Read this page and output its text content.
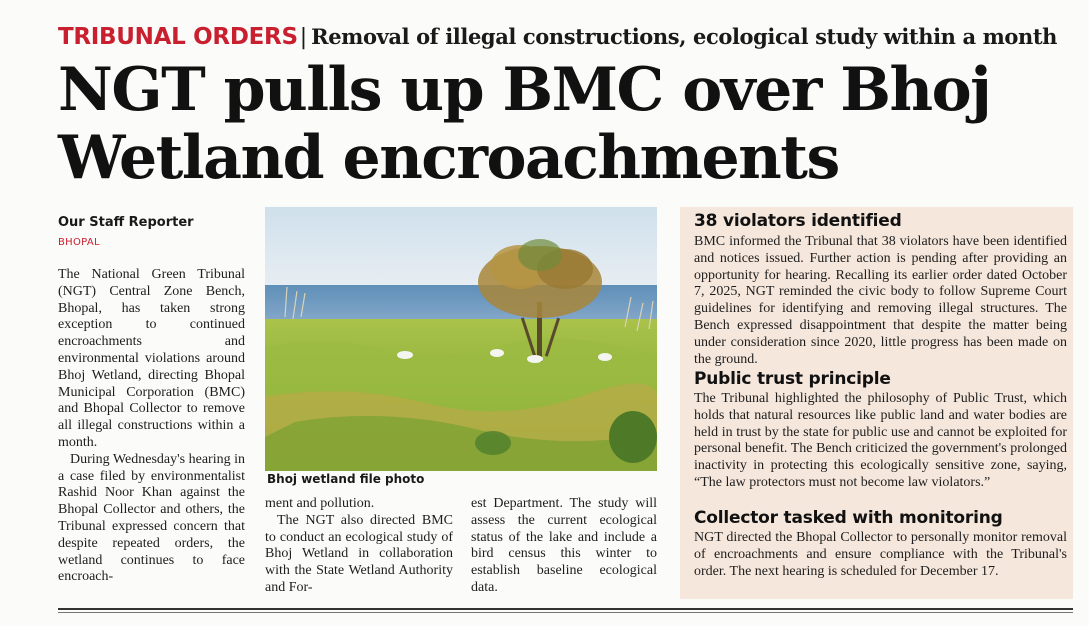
TRIBUNAL ORDERS| Removal of illegal constructions, ecological study within a month
NGT pulls up BMC over Bhoj Wetland encroachments
Our Staff Reporter
BHOPAL

The National Green Tribunal (NGT) Central Zone Bench, Bhopal, has taken strong exception to continued encroachments and environmental violations around Bhoj Wetland, directing Bhopal Municipal Corporation (BMC) and Bhopal Collector to remove all illegal constructions within a month.

During Wednesday's hearing in a case filed by environmentalist Rashid Noor Khan against the Bhopal Collector and others, the Tribunal expressed concern that despite repeated orders, the wetland continues to face encroach-

Bhoj wetland file photo

ment and pollution.

The NGT also directed BMC to conduct an ecological study of Bhoj Wetland in collaboration with the State Wetland Authority and For-

est Department. The study will assess the current ecological status of the lake and include a bird census this winter to establish baseline ecological data.

38 violators identified

BMC informed the Tribunal that 38 violators have been identified and notices issued. Further action is pending after providing an opportunity for hearing. Recalling its earlier order dated October 7, 2025, NGT reminded the civic body to follow Supreme Court guidelines for identifying and removing illegal structures. The Bench expressed disappointment that despite the matter being under consideration since 2020, little progress has been made on the ground.

Public trust principle

The Tribunal highlighted the philosophy of Public Trust, which holds that natural resources like public land and water bodies are held in trust by the state for public use and cannot be exploited for personal benefit. The Bench criticized the government's prolonged inactivity in protecting this ecologically sensitive zone, saying, “The law protectors must not become law violators.”

Collector tasked with monitoring

NGT directed the Bhopal Collector to personally monitor removal of encroachments and ensure compliance with the Tribunal's order. The next hearing is scheduled for December 17.
